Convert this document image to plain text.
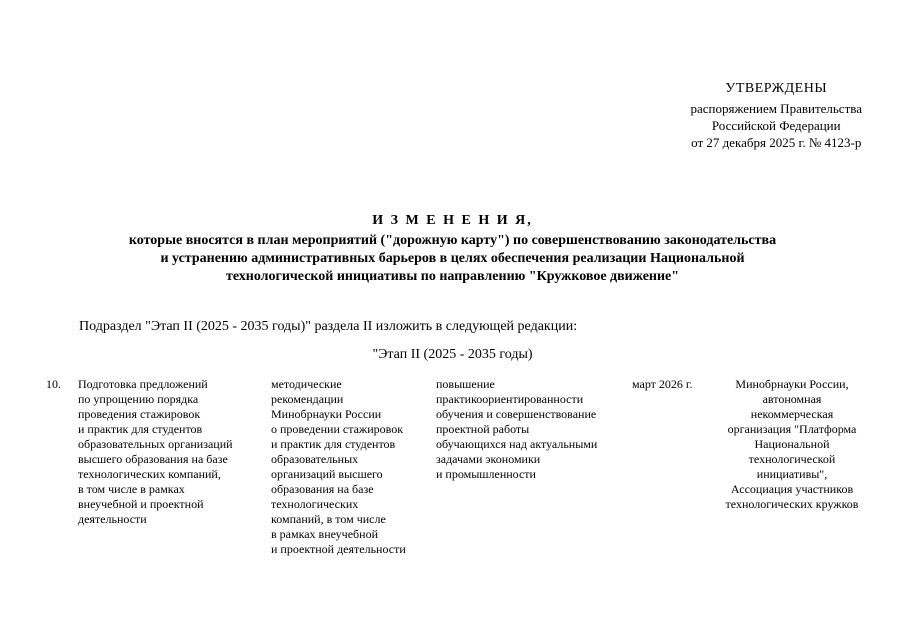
УТВЕРЖДЕНЫ
распоряжением Правительства
Российской Федерации
от 27 декабря 2025 г. № 4123-р
И З М Е Н Е Н И Я,
которые вносятся в план мероприятий ("дорожную карту") по совершенствованию законодательства
и устранению административных барьеров в целях обеспечения реализации Национальной
технологической инициативы по направлению "Кружковое движение"
Подраздел "Этап II (2025 - 2035 годы)" раздела II изложить в следующей редакции:
"Этап II (2025 - 2035 годы)
10. Подготовка предложений
по упрощению порядка
проведения стажировок
и практик для студентов
образовательных организаций
высшего образования на базе
технологических компаний,
в том числе в рамках
внеучебной и проектной
деятельности
методические
рекомендации
Минобрнауки России
о проведении стажировок
и практик для студентов
образовательных
организаций высшего
образования на базе
технологических
компаний, в том числе
в рамках внеучебной
и проектной деятельности
повышение
практикоориентированности
обучения и совершенствование
проектной работы
обучающихся над актуальными
задачами экономики
и промышленности
март 2026 г.	Минобрнауки России,
автономная
некоммерческая
организация "Платформа
Национальной
технологической
инициативы",
Ассоциация участников
технологических кружков
